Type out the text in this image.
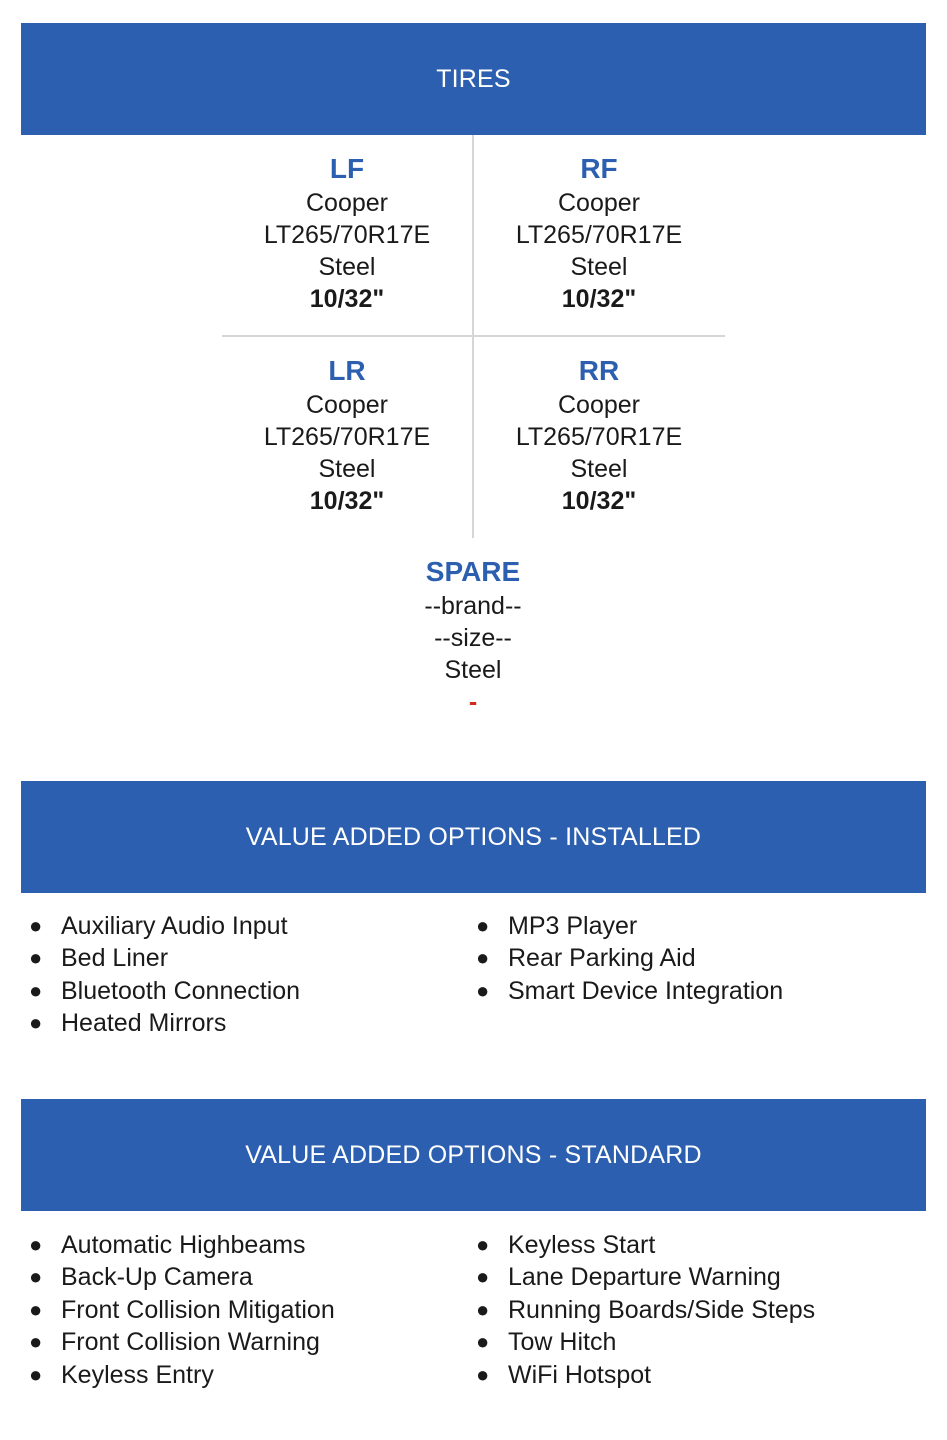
TIRES
LF
Cooper
LT265/70R17E
Steel
10/32"
RF
Cooper
LT265/70R17E
Steel
10/32"
LR
Cooper
LT265/70R17E
Steel
10/32"
RR
Cooper
LT265/70R17E
Steel
10/32"
SPARE
--brand--
--size--
Steel
-
VALUE ADDED OPTIONS - INSTALLED
● Auxiliary Audio Input
● Bed Liner
● Bluetooth Connection
● Heated Mirrors
● MP3 Player
● Rear Parking Aid
● Smart Device Integration
VALUE ADDED OPTIONS - STANDARD
● Automatic Highbeams
● Back-Up Camera
● Front Collision Mitigation
● Front Collision Warning
● Keyless Entry
● Keyless Start
● Lane Departure Warning
● Running Boards/Side Steps
● Tow Hitch
● WiFi Hotspot
